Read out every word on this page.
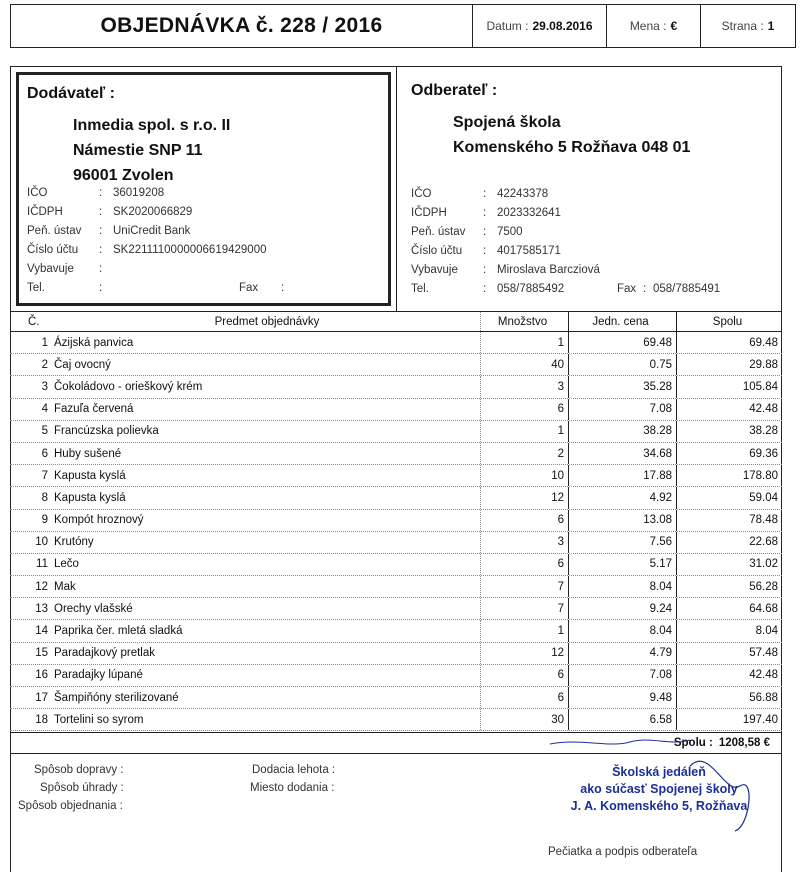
OBJEDNÁVKA č. 228 / 2016	Datum : 29.08.2016	Mena : €	Strana : 1
Dodávateľ :
Inmedia spol. s r.o. II
Námestie SNP 11
96001 Zvolen
IČO	: 36019208
IČDPH	: SK2020066829
Peň. ústav	: UniCredit Bank
Číslo účtu	: SK2211110000006619429000
Vybavuje	:
Tel.	:	Fax :
Odberateľ :
Spojená škola
Komenského 5 Rožňava 048 01
IČO	: 42243378
IČDPH	: 2023332641
Peň. ústav	: 7500
Číslo účtu	: 4017585171
Vybavuje	: Miroslava Barcziová
Tel.	: 058/7885492	Fax : 058/7885491
Č.	Predmet objednávky	Množstvo	Jedn. cena	Spolu
1 Ázijská panvica	1	69.48	69.48
2 Čaj ovocný	40	0.75	29.88
3 Čokoládovo - orieškový krém	3	35.28	105.84
4 Fazuľa červená	6	7.08	42.48
5 Francúzska polievka	1	38.28	38.28
6 Huby sušené	2	34.68	69.36
7 Kapusta kyslá	10	17.88	178.80
8 Kapusta kyslá	12	4.92	59.04
9 Kompót hroznový	6	13.08	78.48
10 Krutóny	3	7.56	22.68
11 Lečo	6	5.17	31.02
12 Mak	7	8.04	56.28
13 Orechy vlašské	7	9.24	64.68
14 Paprika čer. mletá sladká	1	8.04	8.04
15 Paradajkový pretlak	12	4.79	57.48
16 Paradajky lúpané	6	7.08	42.48
17 Šampiňóny sterilizované	6	9.48	56.88
18 Tortelini so syrom	30	6.58	197.40
Spolu : 1208,58 €
Spôsob dopravy :
Spôsob úhrady :
Spôsob objednania :
Dodacia lehota :
Miesto dodania :
Školská jedáleň
ako súčasť Spojenej školy
J. A. Komenského 5, Rožňava
Pečiatka a podpis odberateľa
